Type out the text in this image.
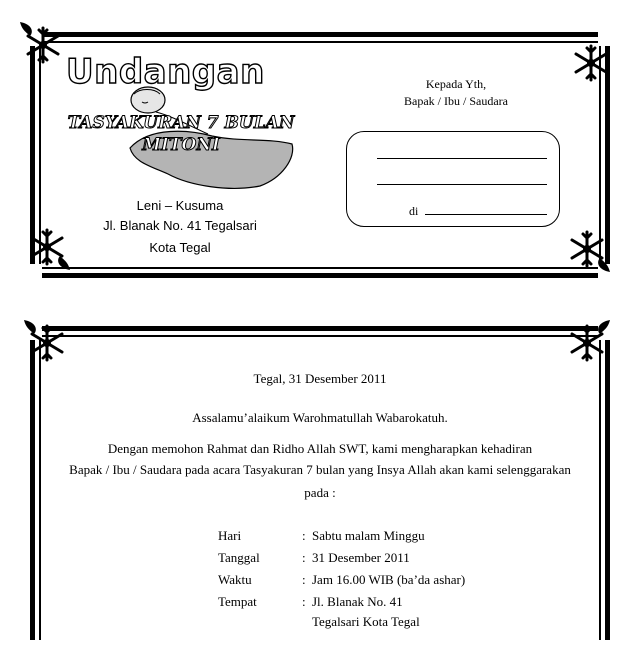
Undangan
TASYAKURAN 7 BULAN
MITONI
Leni – Kusuma
Jl. Blanak No. 41 Tegalsari
Kota Tegal
Kepada Yth,
Bapak / Ibu / Saudara
di
Tegal, 31 Desember 2011
Assalamu’alaikum Warohmatullah Wabarokatuh.
Dengan memohon Rahmat dan Ridho Allah SWT, kami mengharapkan kehadiran
Bapak / Ibu / Saudara pada acara Tasyakuran 7 bulan yang Insya Allah akan kami selenggarakan
pada :
Hari	: Sabtu malam Minggu
Tanggal	: 31 Desember 2011
Waktu	: Jam 16.00 WIB (ba’da ashar)
Tempat	: Jl. Blanak No. 41
Tegalsari Kota Tegal
